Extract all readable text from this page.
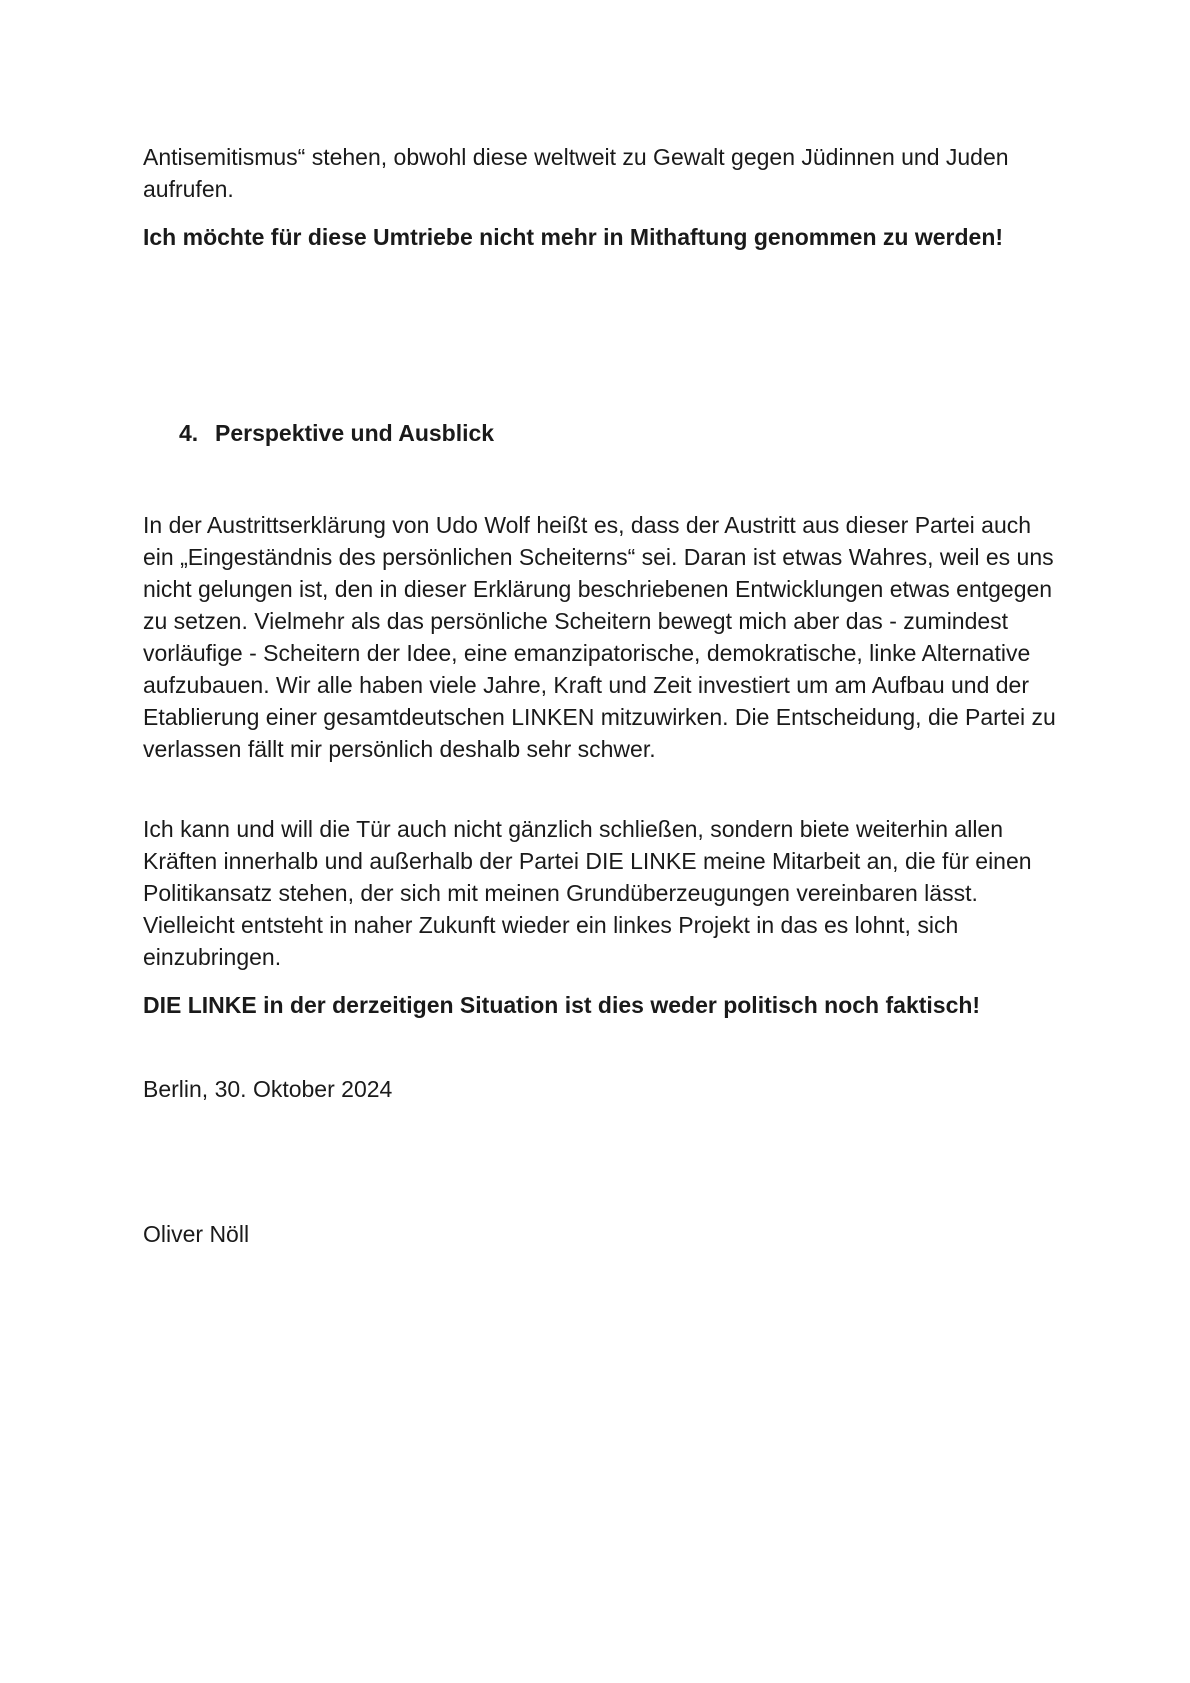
Antisemitismus“ stehen, obwohl diese weltweit zu Gewalt gegen Jüdinnen und Juden aufrufen.

Ich möchte für diese Umtriebe nicht mehr in Mithaftung genommen zu werden!

4. Perspektive und Ausblick

In der Austrittserklärung von Udo Wolf heißt es, dass der Austritt aus dieser Partei auch ein „Eingeständnis des persönlichen Scheiterns“ sei. Daran ist etwas Wahres, weil es uns nicht gelungen ist, den in dieser Erklärung beschriebenen Entwicklungen etwas entgegen zu setzen. Vielmehr als das persönliche Scheitern bewegt mich aber das - zumindest vorläufige - Scheitern der Idee, eine emanzipatorische, demokratische, linke Alternative aufzubauen. Wir alle haben viele Jahre, Kraft und Zeit investiert um am Aufbau und der Etablierung einer gesamtdeutschen LINKEN mitzuwirken. Die Entscheidung, die Partei zu verlassen fällt mir persönlich deshalb sehr schwer.

Ich kann und will die Tür auch nicht gänzlich schließen, sondern biete weiterhin allen Kräften innerhalb und außerhalb der Partei DIE LINKE meine Mitarbeit an, die für einen Politikansatz stehen, der sich mit meinen Grundüberzeugungen vereinbaren lässt. Vielleicht entsteht in naher Zukunft wieder ein linkes Projekt in das es lohnt, sich einzubringen.

DIE LINKE in der derzeitigen Situation ist dies weder politisch noch faktisch!

Berlin, 30. Oktober 2024

Oliver Nöll
